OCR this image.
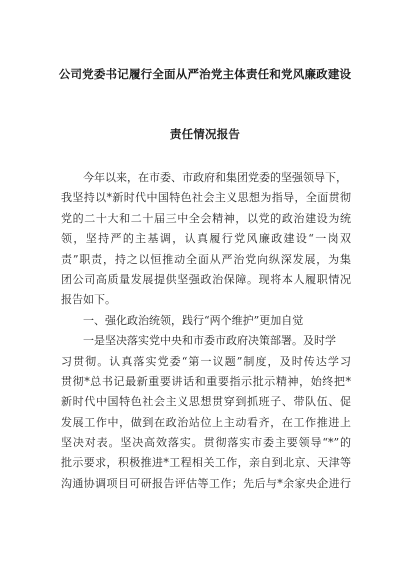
公司党委书记履行全面从严治党主体责任和党风廉政建设
责任情况报告
今年以来，在市委、市政府和集团党委的坚强领导下，
我坚持以*新时代中国特色社会主义思想为指导，全面贯彻
党的二十大和二十届三中全会精神，以党的政治建设为统
领，坚持严的主基调，认真履行党风廉政建设“一岗双
责”职责，持之以恒推动全面从严治党向纵深发展，为集
团公司高质量发展提供坚强政治保障。现将本人履职情况
报告如下。
一、强化政治统领，践行“两个维护”更加自觉
一是坚决落实党中央和市委市政府决策部署。及时学
习贯彻。认真落实党委“第一议题”制度，及时传达学习
贯彻*总书记最新重要讲话和重要指示批示精神，始终把*
新时代中国特色社会主义思想贯穿到抓班子、带队伍、促
发展工作中，做到在政治站位上主动看齐，在工作推进上
坚决对表。坚决高效落实。贯彻落实市委主要领导“*”的
批示要求，积极推进*工程相关工作，亲自到北京、天津等
沟通协调项目可研报告评估等工作；先后与*余家央企进行
